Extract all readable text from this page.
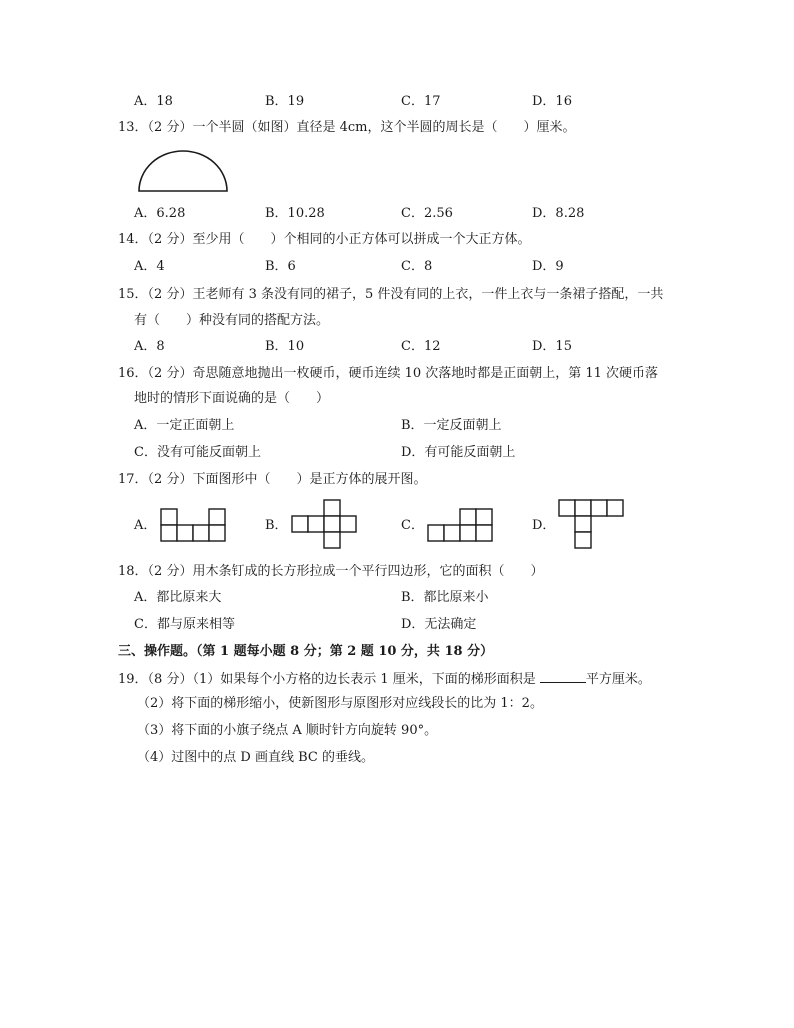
A．18	B．19	C．17	D．16
13．（2 分）一个半圆（如图）直径是 4cm，这个半圆的周长是（　　）厘米。
A．6.28	B．10.28	C．2.56	D．8.28
14．（2 分）至少用（　　）个相同的小正方体可以拼成一个大正方体。
A．4	B．6	C．8	D．9
15．（2 分）王老师有 3 条没有同的裙子，5 件没有同的上衣，一件上衣与一条裙子搭配，一共
有（　　）种没有同的搭配方法。
A．8	B．10	C．12	D．15
16．（2 分）奇思随意地抛出一枚硬币，硬币连续 10 次落地时都是正面朝上，第 11 次硬币落
地时的情形下面说确的是（　　）
A．一定正面朝上	B．一定反面朝上
C．没有可能反面朝上	D．有可能反面朝上
17．（2 分）下面图形中（　　）是正方体的展开图。
A．	B．	C．	D．
18．（2 分）用木条钉成的长方形拉成一个平行四边形，它的面积（　　）
A．都比原来大	B．都比原来小
C．都与原来相等	D．无法确定
三、操作题。（第 1 题每小题 8 分；第 2 题 10 分，共 18 分）
19．（8 分）（1）如果每个小方格的边长表示 1 厘米，下面的梯形面积是	平方厘米。
（2）将下面的梯形缩小，使新图形与原图形对应线段长的比为 1：2。
（3）将下面的小旗子绕点 A 顺时针方向旋转 90°。
（4）过图中的点 D 画直线 BC 的垂线。
